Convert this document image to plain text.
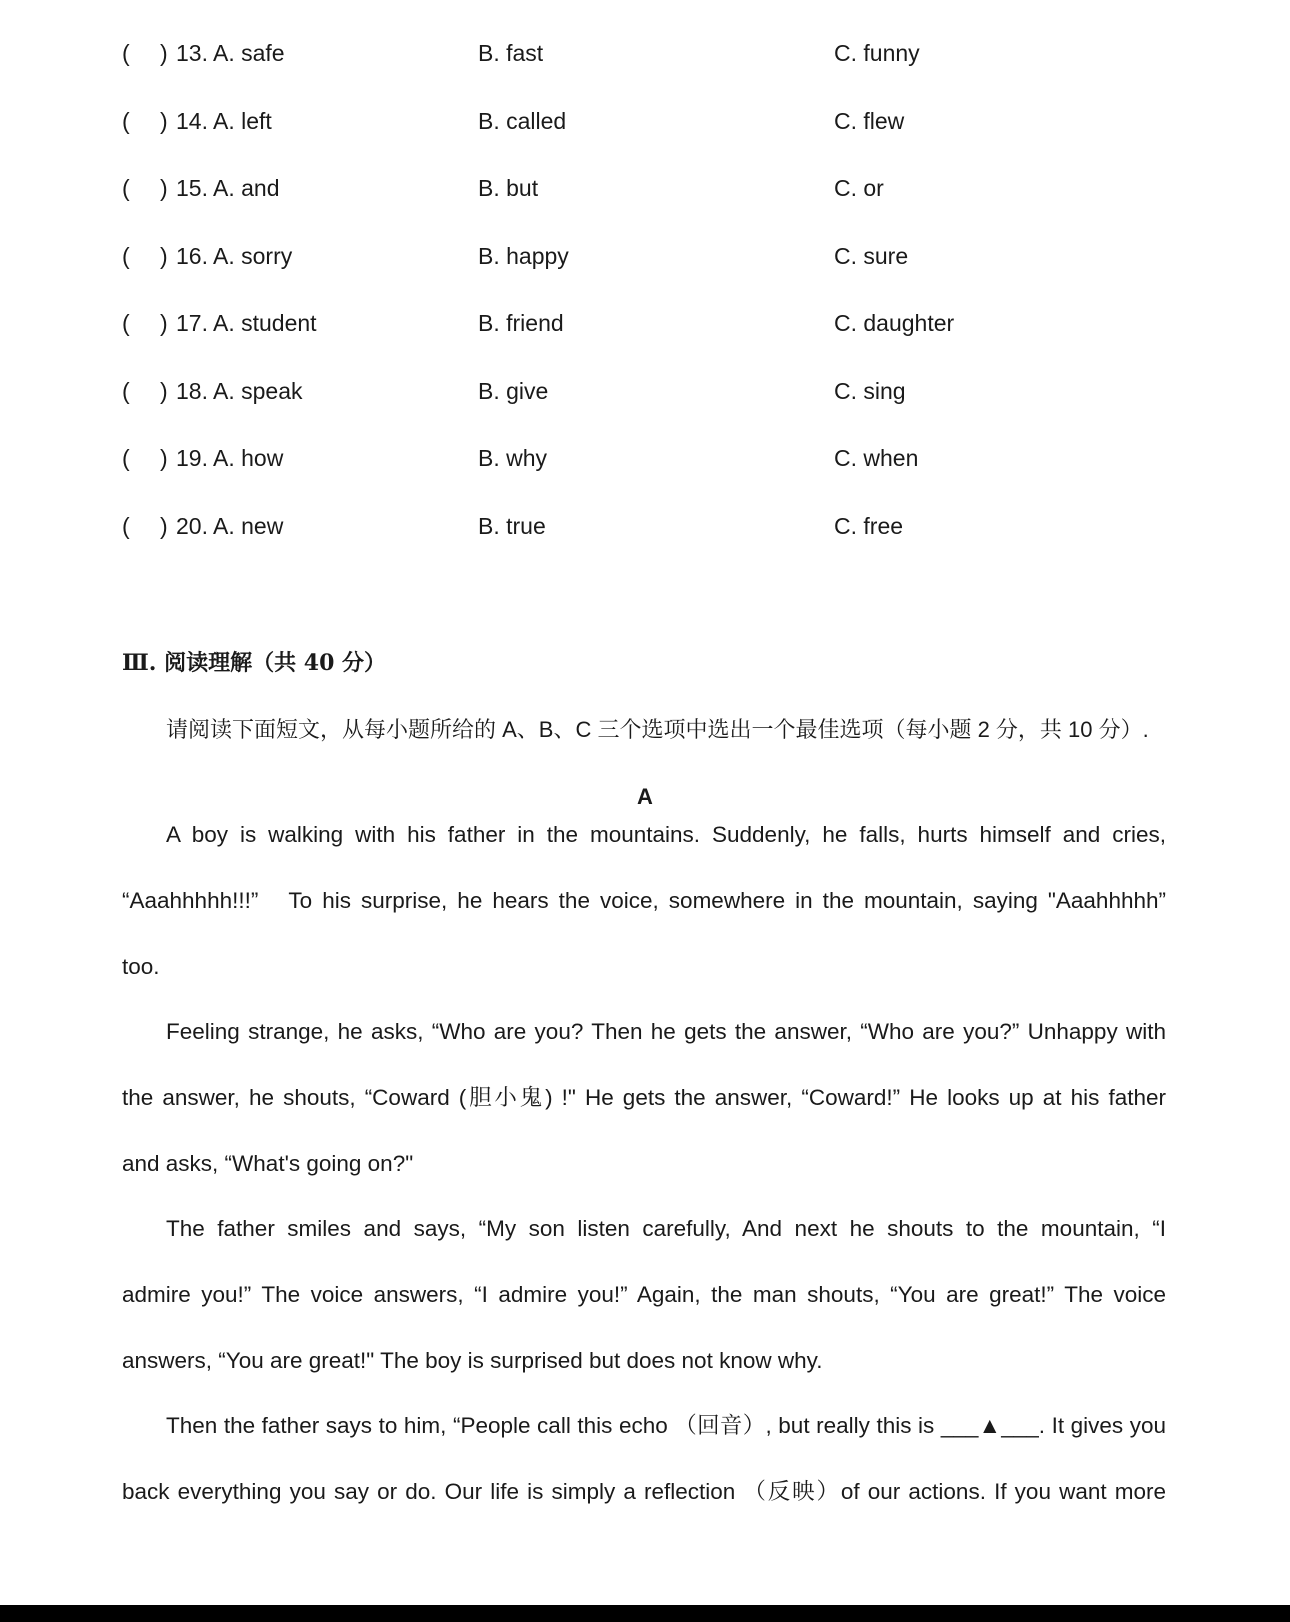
( ) 13. A. safe	B. fast	C. funny
( ) 14. A. left	B. called	C. flew
( ) 15. A. and	B. but	C. or
( ) 16. A. sorry	B. happy	C. sure
( ) 17. A. student	B. friend	C. daughter
( ) 18. A. speak	B. give	C. sing
( ) 19. A. how	B. why	C. when
( ) 20. A. new	B. true	C. free
Ⅲ. 阅读理解（共 40 分）
请阅读下面短文，从每小题所给的 A、B、C 三个选项中选出一个最佳选项（每小题 2 分，共 10 分）.
A
A boy is walking with his father in the mountains. Suddenly, he falls, hurts himself and cries,
“Aaahhhhh!!!”　To his surprise, he hears the voice, somewhere in the mountain, saying "Aaahhhhh”
too.
Feeling strange, he asks, “Who are you? Then he gets the answer, “Who are you?” Unhappy with
the answer, he shouts, “Coward (胆小鬼) !" He gets the answer, “Coward!” He looks up at his father
and asks, “What's going on?"
The father smiles and says, “My son listen carefully, And next he shouts to the mountain, “I
admire you!” The voice answers, “I admire you!” Again, the man shouts, “You are great!” The voice
answers, “You are great!" The boy is surprised but does not know why.
Then the father says to him, “People call this echo （回音）, but really this is ___▲___. It gives you
back everything you say or do. Our life is simply a reflection （反映）of our actions. If you want more
